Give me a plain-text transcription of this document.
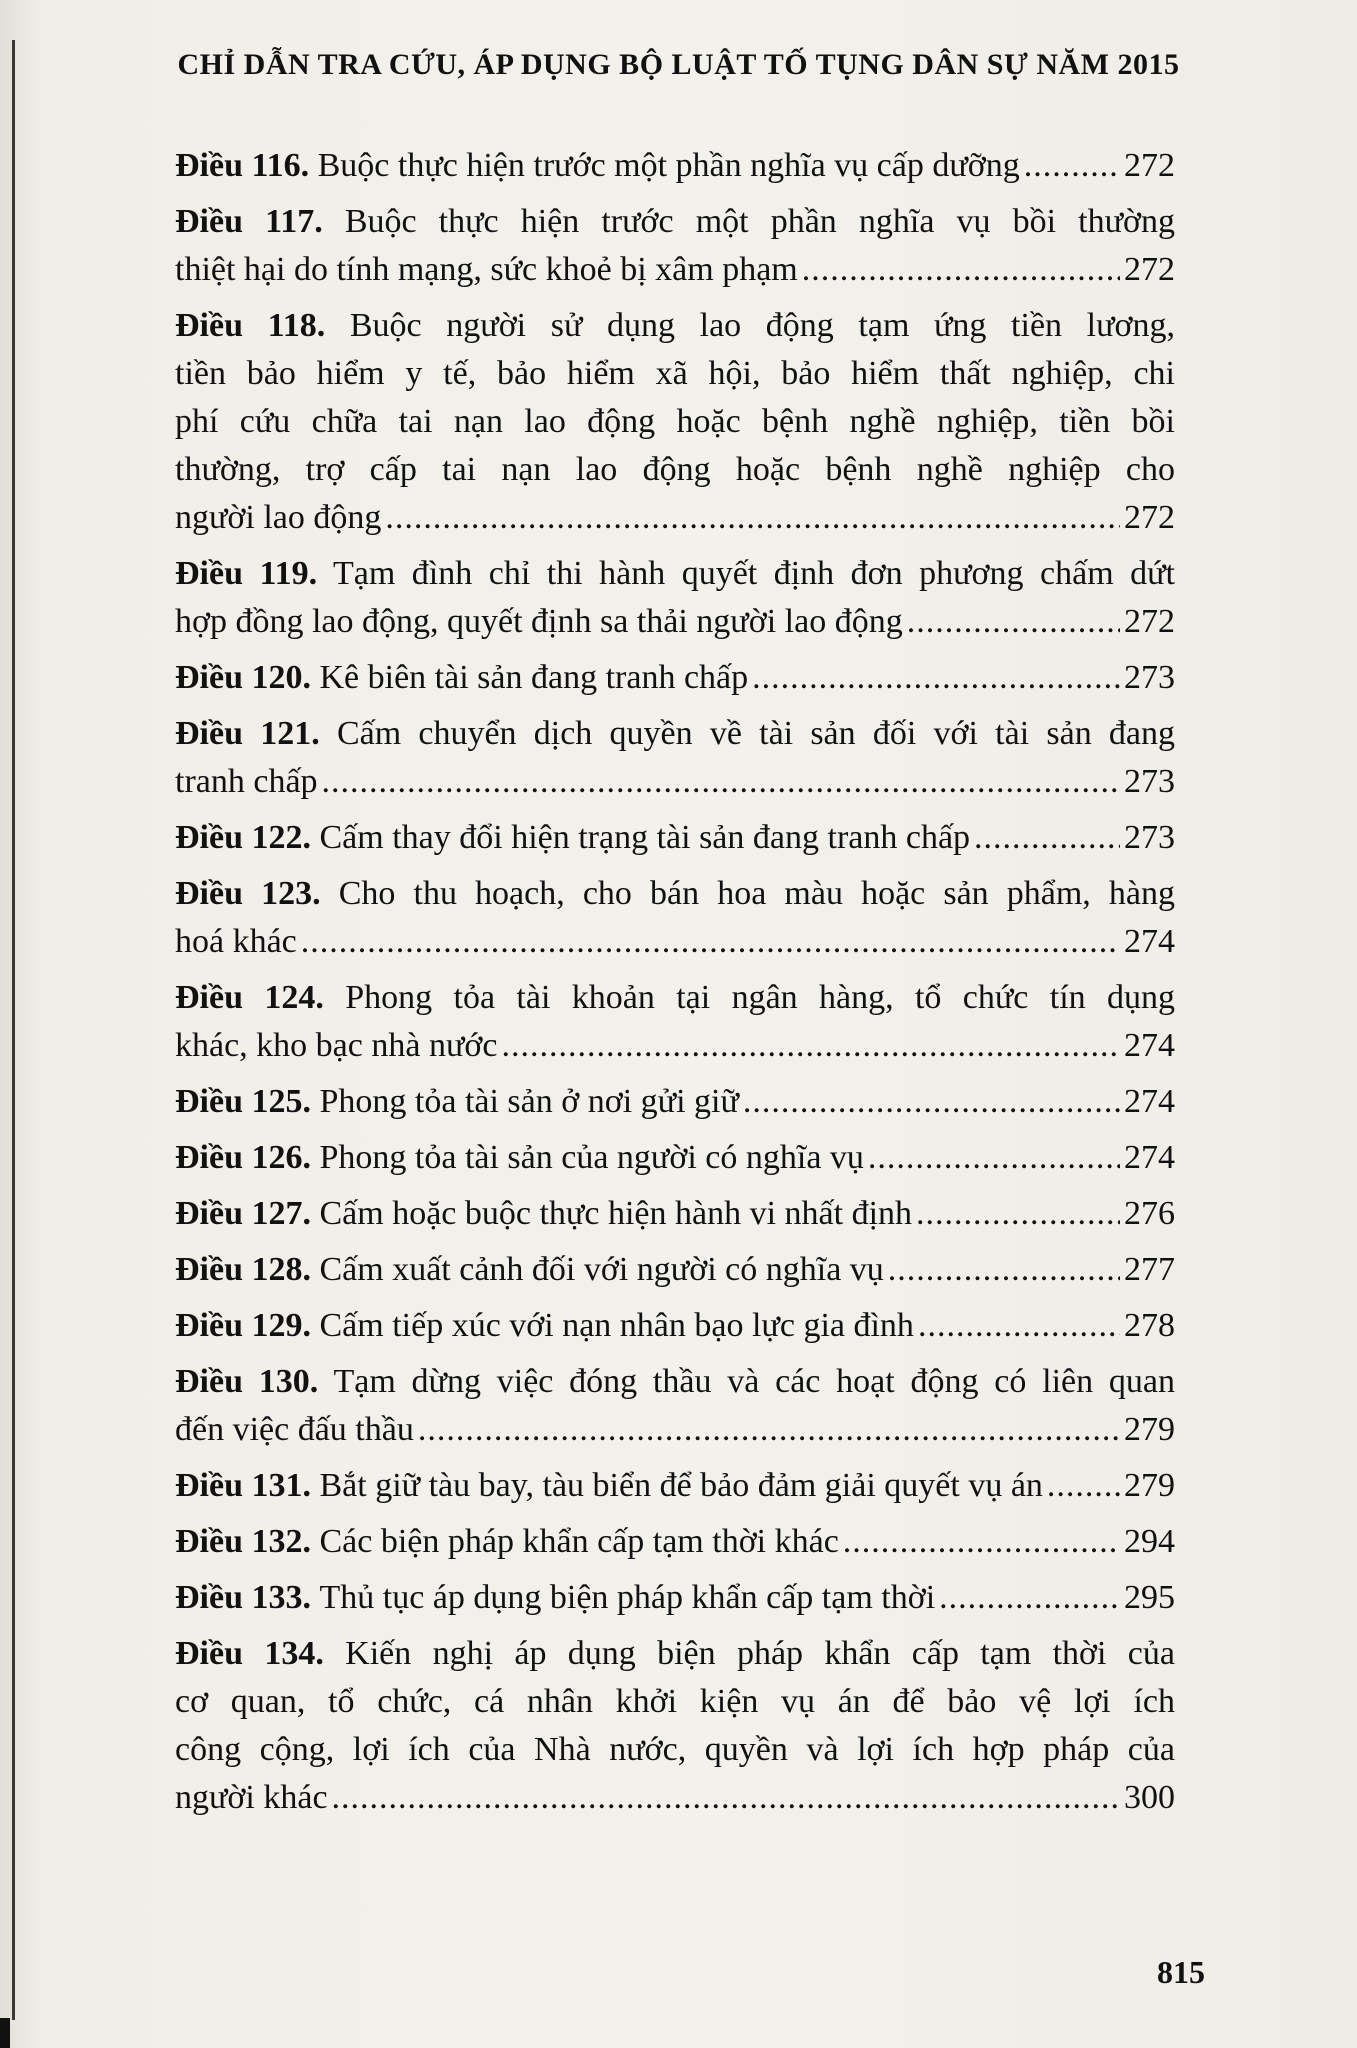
CHỈ DẪN TRA CỨU, ÁP DỤNG BỘ LUẬT TỐ TỤNG DÂN SỰ NĂM 2015
Điều 116.
Buộc thực hiện trước một phần nghĩa vụ cấp dưỡng .....	272
Điều 117. Buộc thực hiện trước một phần nghĩa vụ bồi thường
thiệt hại do tính mạng, sức khoẻ bị xâm phạm .....	272
Điều 118. Buộc người sử dụng lao động tạm ứng tiền lương,
tiền bảo hiểm y tế, bảo hiểm xã hội, bảo hiểm thất nghiệp, chi
phí cứu chữa tai nạn lao động hoặc bệnh nghề nghiệp, tiền bồi
thường, trợ cấp tai nạn lao động hoặc bệnh nghề nghiệp cho
người lao động .....	272
Điều 119. Tạm đình chỉ thi hành quyết định đơn phương chấm dứt
hợp đồng lao động, quyết định sa thải người lao động .....	272
Điều 120.
Kê biên tài sản đang tranh chấp .....	273
Điều 121. Cấm chuyển dịch quyền về tài sản đối với tài sản đang
tranh chấp .....	273
Điều 122.
Cấm thay đổi hiện trạng tài sản đang tranh chấp .....	273
Điều 123. Cho thu hoạch, cho bán hoa màu hoặc sản phẩm, hàng
hoá khác .....	274
Điều 124. Phong tỏa tài khoản tại ngân hàng, tổ chức tín dụng
khác, kho bạc nhà nước .....	274
Điều 125.
Phong tỏa tài sản ở nơi gửi giữ .....	274
Điều 126.
Phong tỏa tài sản của người có nghĩa vụ .....	274
Điều 127.
Cấm hoặc buộc thực hiện hành vi nhất định .....	276
Điều 128.
Cấm xuất cảnh đối với người có nghĩa vụ .....	277
Điều 129.
Cấm tiếp xúc với nạn nhân bạo lực gia đình .....	278
Điều 130. Tạm dừng việc đóng thầu và các hoạt động có liên quan
đến việc đấu thầu .....	279
Điều 131.
Bắt giữ tàu bay, tàu biển để bảo đảm giải quyết vụ án ..... 279
Điều 132.
Các biện pháp khẩn cấp tạm thời khác .....	294
Điều 133.
Thủ tục áp dụng biện pháp khẩn cấp tạm thời .....	295
Điều 134. Kiến nghị áp dụng biện pháp khẩn cấp tạm thời của
cơ quan, tổ chức, cá nhân khởi kiện vụ án để bảo vệ lợi ích
công cộng, lợi ích của Nhà nước, quyền và lợi ích hợp pháp của
người khác .....	300
815
